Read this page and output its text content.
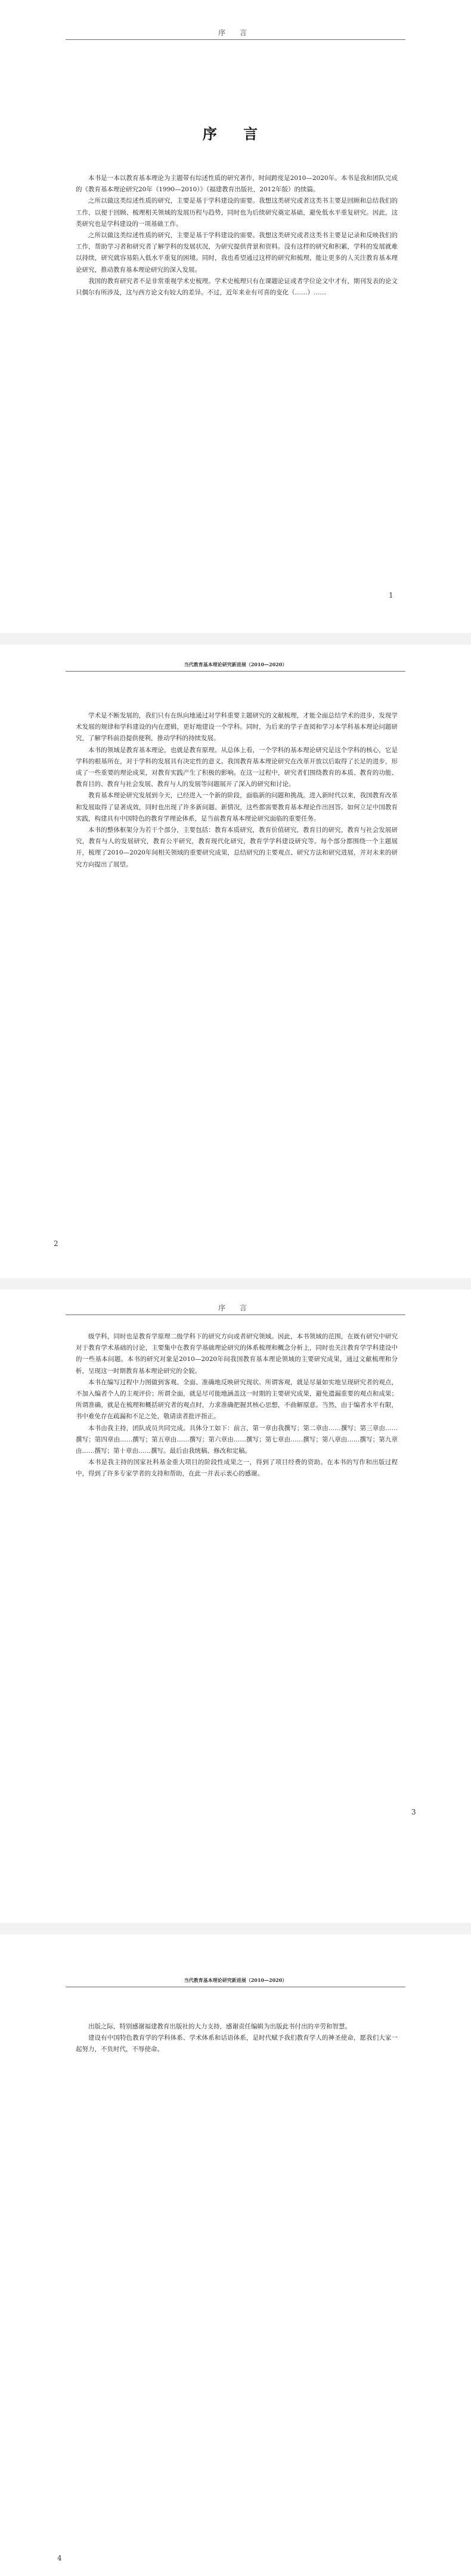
序 言
序 言

本书是一本以教育基本理论为主题带有综述性质的研究著作，时间跨度是2010—2020年。本书是我和团队完成的《教育基本理论研究20年（1990—2010）》（福建教育出版社，2012年版）的续篇。

之所以做这类综述性质的研究，主要是基于学科建设的需要。我想这类研究或者这类书主要是回顾和总结我们的工作，以便于回顾、梳理相关领域的发展历程与趋势，同时也为后续研究奠定基础，避免低水平重复研究。因此，这类研究也是学科建设的一项基础工作。

之所以做这类综述性质的研究，主要是基于学科建设的需要。我想这类研究或者这类书主要是记录和反映我们的工作，帮助学习者和研究者了解学科的发展状况，为研究提供背景和资料。没有这样的研究和积累，学科的发展就难以持续，研究就容易陷入低水平重复的困境。同时，我也希望通过这样的研究和梳理，能让更多的人关注教育基本理论研究，推动教育基本理论研究的深入发展。

我国的教育研究者不是非常重视学术史梳理。学术史梳理只有在课题论证或者学位论文中才有，期刊发表的论文只偶尔有所涉及，这与西方论文有较大的差异。不过，近年来业有可喜的变化（……）……

1
当代教育基本理论研究新进展（2010—2020）

学术是不断发展的，我们只有在纵向地通过对学科重要主题研究的文献梳理，才能全面总结学术的进步，发现学术发展的规律和学科建设的内在逻辑，更好地建设一个学科。同时，为后来的学子查阅和学习本学科基本理论问题研究，了解学科前沿提供便利，推动学科的持续发展。

本书的领域是教育基本理论，也就是教育原理。从总体上看，一个学科的基本理论研究是这个学科的核心，它是学科的根基所在，对于学科的发展具有决定性的意义。我国教育基本理论研究在改革开放以后取得了长足的进步，形成了一些重要的理论成果，对教育实践产生了积极的影响。在这一过程中，研究者们围绕教育的本质、教育的功能、教育目的、教育与社会发展、教育与人的发展等问题展开了深入的研究和讨论。

教育基本理论研究发展到今天，已经进入一个新的阶段，面临新的问题和挑战。进入新时代以来，我国教育改革和发展取得了显著成效，同时也出现了许多新问题、新情况，这些都需要教育基本理论作出回答。如何立足中国教育实践，构建具有中国特色的教育学理论体系，是当前教育基本理论研究面临的重要任务。

本书的整体框架分为若干个部分，主要包括：教育本质研究，教育价值研究，教育目的研究，教育与社会发展研究，教育与人的发展研究，教育公平研究，教育现代化研究，教育学学科建设研究等。每个部分都围绕一个主题展开，梳理了2010—2020年间相关领域的重要研究成果，总结研究的主要观点、研究方法和研究进展，并对未来的研究方向提出了展望。

2
序 言

级学科，同时也是教育学原理二级学科下的研究方向或者研究领域。因此，本书领域的范围，在既有研究中研究对于教育学术基础的讨论，主要集中在教育学基础理论研究的体系梳理和概念分析上，同时也关注教育学学科建设中的一些基本问题。本书的研究对象是2010—2020年间我国教育基本理论领域的主要研究成果，通过文献梳理和分析，呈现这一时期教育基本理论研究的全貌。

本书在编写过程中力图做到客观、全面、准确地反映研究现状。所谓客观，就是尽量如实地呈现研究者的观点，不加入编者个人的主观评价；所谓全面，就是尽可能地涵盖这一时期的主要研究成果，避免遗漏重要的观点和成果；所谓准确，就是在梳理和概括研究者的观点时，力求准确把握其核心思想，不曲解原意。当然，由于编者水平有限，书中难免存在疏漏和不足之处，敬请读者批评指正。

本书由我主持，团队成员共同完成。具体分工如下：前言，第一章由我撰写；第二章由……撰写；第三章由……撰写；第四章由……撰写；第五章由……撰写；第六章由……撰写；第七章由……撰写；第八章由……撰写；第九章由……撰写；第十章由……撰写。最后由我统稿、修改和定稿。

本书是我主持的国家社科基金重大项目的阶段性成果之一，得到了项目经费的资助。在本书的写作和出版过程中，得到了许多专家学者的支持和帮助，在此一并表示衷心的感谢。

3
当代教育基本理论研究新进展（2010—2020）

出版之际，特别感谢福建教育出版社的大力支持，感谢责任编辑为出版此书付出的辛劳和智慧。

建设有中国特色教育学的学科体系、学术体系和话语体系，是时代赋予我们教育学人的神圣使命，愿我们大家一起努力，不负时代，不辱使命。

4
